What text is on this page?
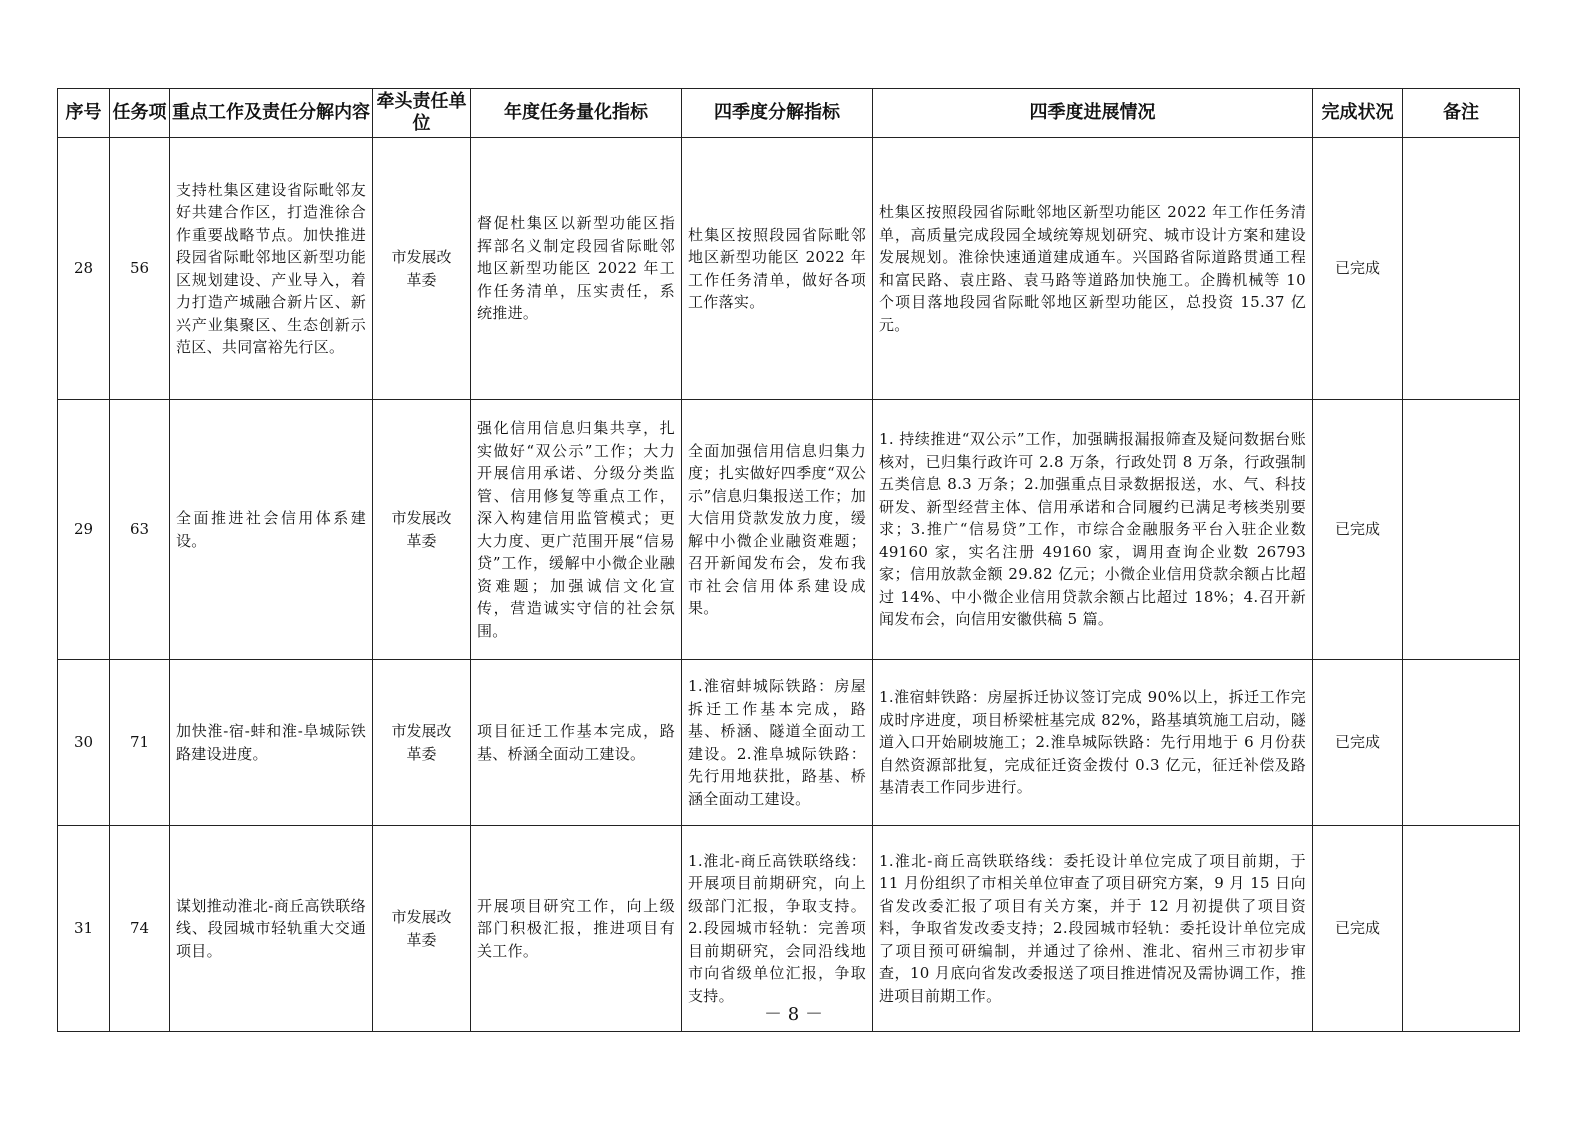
序号	任务项	重点工作及责任分解内容	牵头责任单位	年度任务量化指标	四季度分解指标	四季度进展情况	完成状况	备注
28	56	支持杜集区建设省际毗邻友好共建合作区，打造淮徐合作重要战略节点。加快推进段园省际毗邻地区新型功能区规划建设、产业导入，着力打造产城融合新片区、新兴产业集聚区、生态创新示范区、共同富裕先行区。	市发展改革委	督促杜集区以新型功能区指挥部名义制定段园省际毗邻地区新型功能区 2022 年工作任务清单，压实责任，系统推进。	杜集区按照段园省际毗邻地区新型功能区 2022 年工作任务清单，做好各项工作落实。	杜集区按照段园省际毗邻地区新型功能区 2022 年工作任务清单，高质量完成段园全域统筹规划研究、城市设计方案和建设发展规划。淮徐快速通道建成通车。兴国路省际道路贯通工程和富民路、袁庄路、袁马路等道路加快施工。企腾机械等 10 个项目落地段园省际毗邻地区新型功能区，总投资 15.37 亿元。	已完成	
29	63	全面推进社会信用体系建设。	市发展改革委	强化信用信息归集共享，扎实做好“双公示”工作；大力开展信用承诺、分级分类监管、信用修复等重点工作，深入构建信用监管模式；更大力度、更广范围开展“信易贷”工作，缓解中小微企业融资难题；加强诚信文化宣传，营造诚实守信的社会氛围。	全面加强信用信息归集力度；扎实做好四季度“双公示”信息归集报送工作；加大信用贷款发放力度，缓解中小微企业融资难题；召开新闻发布会，发布我市社会信用体系建设成果。	1. 持续推进“双公示”工作，加强瞒报漏报筛查及疑问数据台账核对，已归集行政许可 2.8 万条，行政处罚 8 万条，行政强制五类信息 8.3 万条；2.加强重点目录数据报送，水、气、科技研发、新型经营主体、信用承诺和合同履约已满足考核类别要求；3.推广“信易贷”工作，市综合金融服务平台入驻企业数 49160 家，实名注册 49160 家，调用查询企业数 26793 家；信用放款金额 29.82 亿元；小微企业信用贷款余额占比超过 14%、中小微企业信用贷款余额占比超过 18%；4.召开新闻发布会，向信用安徽供稿 5 篇。	已完成	
30	71	加快淮-宿-蚌和淮-阜城际铁路建设进度。	市发展改革委	项目征迁工作基本完成，路基、桥涵全面动工建设。	1.淮宿蚌城际铁路：房屋拆迁工作基本完成，路基、桥涵、隧道全面动工建设。2.淮阜城际铁路：先行用地获批，路基、桥涵全面动工建设。	1.淮宿蚌铁路：房屋拆迁协议签订完成 90%以上，拆迁工作完成时序进度，项目桥梁桩基完成 82%，路基填筑施工启动，隧道入口开始刷坡施工；2.淮阜城际铁路：先行用地于 6 月份获自然资源部批复，完成征迁资金拨付 0.3 亿元，征迁补偿及路基清表工作同步进行。	已完成	
31	74	谋划推动淮北-商丘高铁联络线、段园城市轻轨重大交通项目。	市发展改革委	开展项目研究工作，向上级部门积极汇报，推进项目有关工作。	1.淮北-商丘高铁联络线：开展项目前期研究，向上级部门汇报，争取支持。2.段园城市轻轨：完善项目前期研究，会同沿线地市向省级单位汇报，争取支持。	1.淮北-商丘高铁联络线：委托设计单位完成了项目前期，于 11 月份组织了市相关单位审查了项目研究方案，9 月 15 日向省发改委汇报了项目有关方案，并于 12 月初提供了项目资料，争取省发改委支持；2.段园城市轻轨：委托设计单位完成了项目预可研编制，并通过了徐州、淮北、宿州三市初步审查，10 月底向省发改委报送了项目推进情况及需协调工作，推进项目前期工作。	已完成	
－ 8 －
